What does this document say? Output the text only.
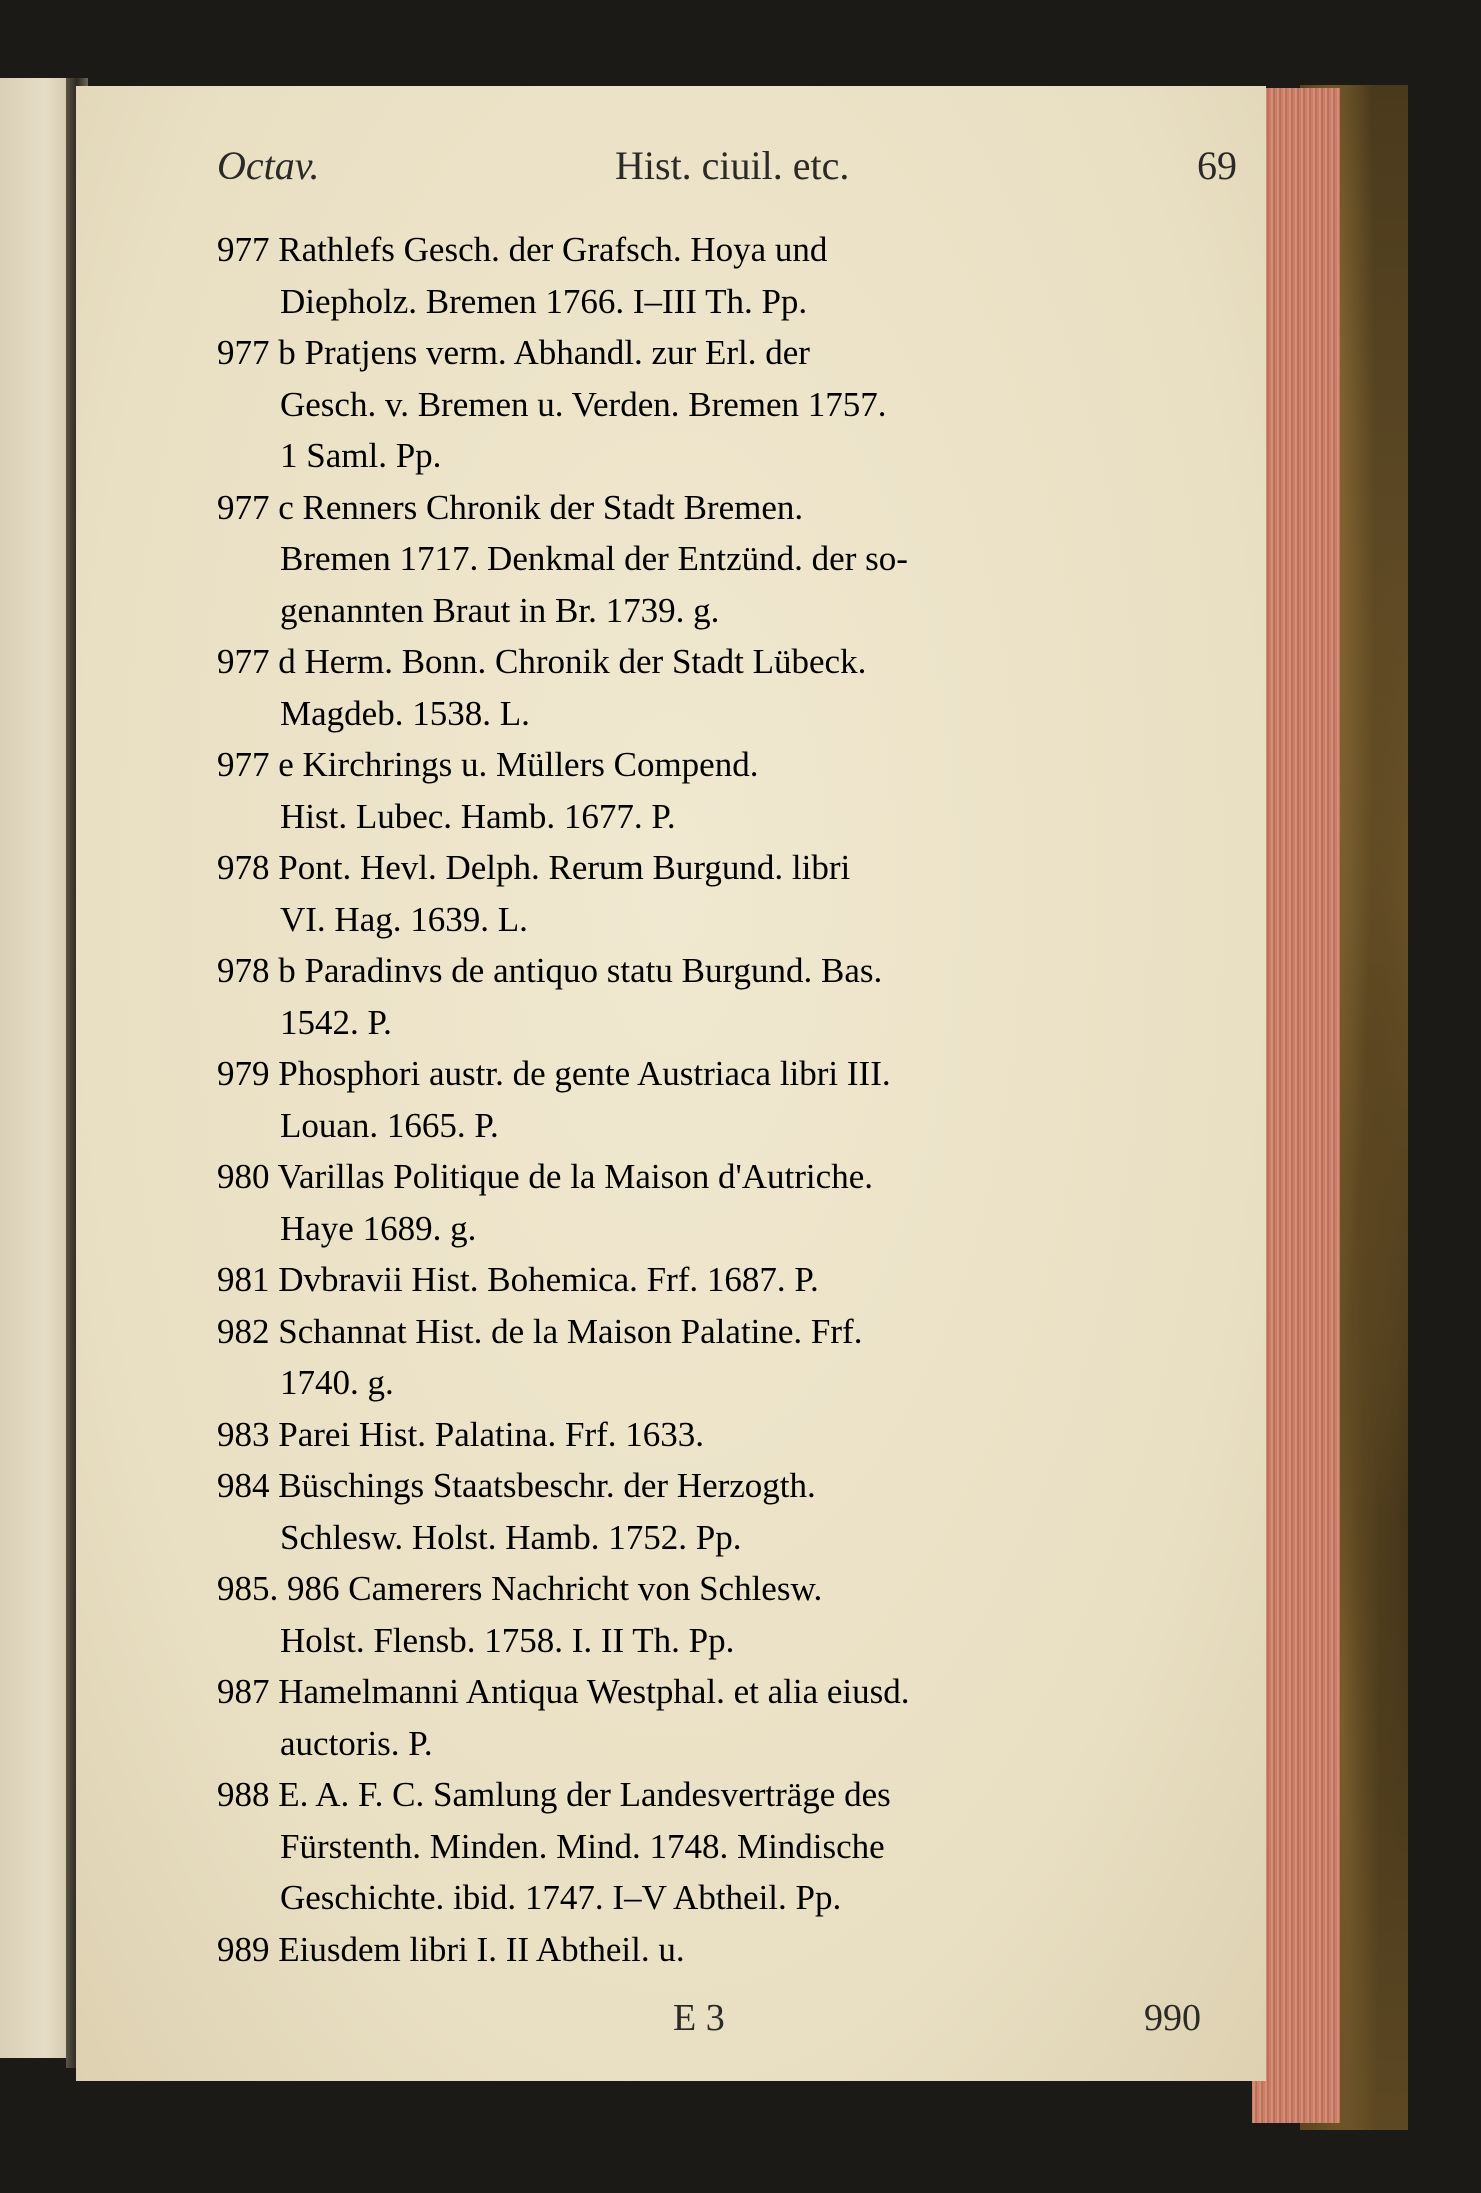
Octav.	Hist. ciuil. etc.	69
977 Rathlefs Gesch. der Grafsch. Hoya und
Diepholz. Bremen 1766. I–III Th. Pp.
977 b Pratjens verm. Abhandl. zur Erl. der
Gesch. v. Bremen u. Verden. Bremen 1757.
1 Saml. Pp.
977 c Renners Chronik der Stadt Bremen.
Bremen 1717. Denkmal der Entzünd. der so-
genannten Braut in Br. 1739. g.
977 d Herm. Bonn. Chronik der Stadt Lübeck.
Magdeb. 1538. L.
977 e Kirchrings u. Müllers Compend.
Hist. Lubec. Hamb. 1677. P.
978 Pont. Hevl. Delph. Rerum Burgund. libri
VI. Hag. 1639. L.
978 b Paradinvs de antiquo statu Burgund. Bas.
1542. P.
979 Phosphori austr. de gente Austriaca libri III.
Louan. 1665. P.
980 Varillas Politique de la Maison d'Autriche.
Haye 1689. g.
981 Dvbravii Hist. Bohemica. Frf. 1687. P.
982 Schannat Hist. de la Maison Palatine. Frf.
1740. g.
983 Parei Hist. Palatina. Frf. 1633.
984 Büschings Staatsbeschr. der Herzogth.
Schlesw. Holst. Hamb. 1752. Pp.
985. 986 Camerers Nachricht von Schlesw.
Holst. Flensb. 1758. I. II Th. Pp.
987 Hamelmanni Antiqua Westphal. et alia eiusd.
auctoris. P.
988 E. A. F. C. Samlung der Landesverträge des
Fürstenth. Minden. Mind. 1748. Mindische
Geschichte. ibid. 1747. I–V Abtheil. Pp.
989 Eiusdem libri I. II Abtheil. u.
E 3	990
